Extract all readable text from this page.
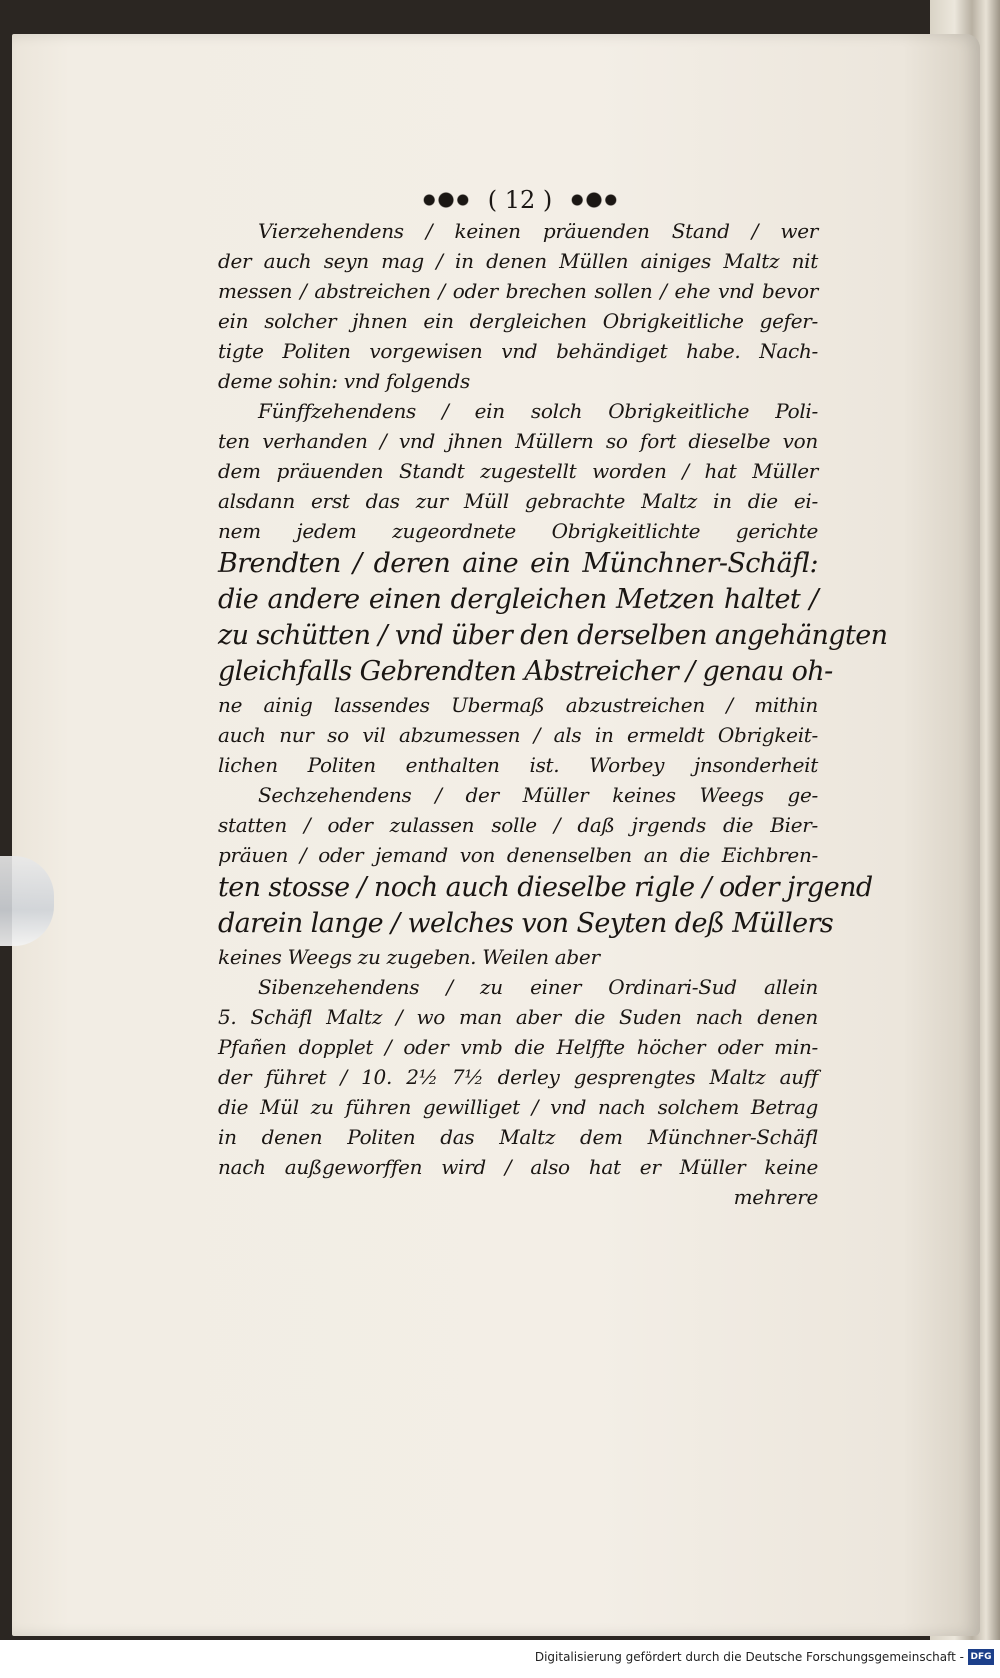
( 12 )
Vierzehendens / keinen präuenden Stand / wer
der auch seyn mag / in denen Müllen ainiges Maltz nit
messen / abstreichen / oder brechen sollen / ehe vnd bevor
ein solcher jhnen ein dergleichen Obrigkeitliche gefer-
tigte Politen vorgewisen vnd behändiget habe. Nach-
deme sohin: vnd folgends
Fünffzehendens / ein solch Obrigkeitliche Poli-
ten verhanden / vnd jhnen Müllern so fort dieselbe von
dem präuenden Standt zugestellt worden / hat Müller
alsdann erst das zur Müll gebrachte Maltz in die ei-
nem jedem zugeordnete Obrigkeitlichte gerichte
Brendten / deren aine ein Münchner-Schäfl:
die andere einen dergleichen Metzen haltet /
zu schütten / vnd über den derselben angehängten
gleichfalls Gebrendten Abstreicher / genau oh-
ne ainig lassendes Ubermaß abzustreichen / mithin
auch nur so vil abzumessen / als in ermeldt Obrigkeit-
lichen Politen enthalten ist. Worbey jnsonderheit
Sechzehendens / der Müller keines Weegs ge-
statten / oder zulassen solle / daß jrgends die Bier-
präuen / oder jemand von denenselben an die Eichbren-
ten stosse / noch auch dieselbe rigle / oder jrgend
darein lange / welches von Seyten deß Müllers
keines Weegs zu zugeben. Weilen aber
Sibenzehendens / zu einer Ordinari-Sud allein
5. Schäfl Maltz / wo man aber die Suden nach denen
Pfañen dopplet / oder vmb die Helffte höcher oder min-
der führet / 10. 2½ 7½ derley gesprengtes Maltz auff
die Mül zu führen gewilliget / vnd nach solchem Betrag
in denen Politen das Maltz dem Münchner-Schäfl
nach außgeworffen wird / also hat er Müller keine
mehrere
Digitalisierung gefördert durch die Deutsche Forschungsgemeinschaft - DFG
